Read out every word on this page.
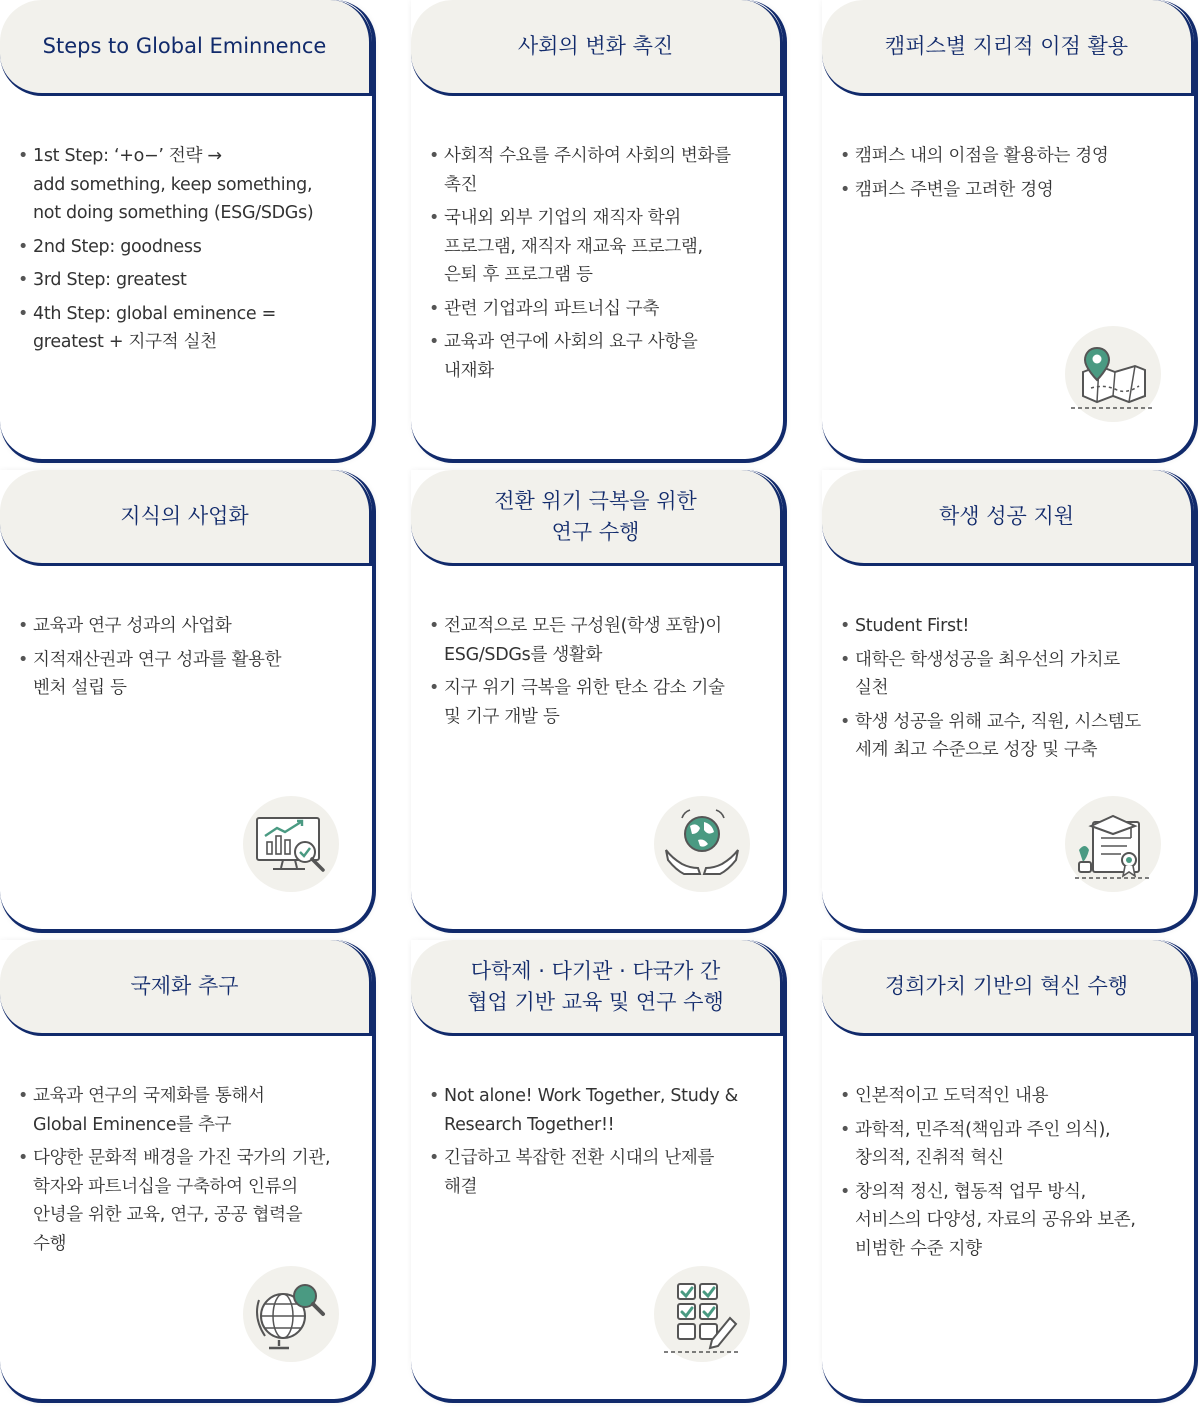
Steps to Global Eminnence
• 1st Step: ‘+o−’ 전략 →
add something, keep something,
not doing something (ESG/SDGs)
• 2nd Step: goodness
• 3rd Step: greatest
• 4th Step: global eminence =
greatest + 지구적 실천
사회의 변화 촉진
• 사회적 수요를 주시하여 사회의 변화를
촉진
• 국내외 외부 기업의 재직자 학위
프로그램, 재직자 재교육 프로그램,
은퇴 후 프로그램 등
• 관련 기업과의 파트너십 구축
• 교육과 연구에 사회의 요구 사항을
내재화
캠퍼스별 지리적 이점 활용
• 캠퍼스 내의 이점을 활용하는 경영
• 캠퍼스 주변을 고려한 경영
지식의 사업화
• 교육과 연구 성과의 사업화
• 지적재산권과 연구 성과를 활용한
벤처 설립 등
전환 위기 극복을 위한
연구 수행
• 전교적으로 모든 구성원(학생 포함)이
ESG/SDGs를 생활화
• 지구 위기 극복을 위한 탄소 감소 기술
및 기구 개발 등
학생 성공 지원
• Student First!
• 대학은 학생성공을 최우선의 가치로
실천
• 학생 성공을 위해 교수, 직원, 시스템도
세계 최고 수준으로 성장 및 구축
국제화 추구
• 교육과 연구의 국제화를 통해서
Global Eminence를 추구
• 다양한 문화적 배경을 가진 국가의 기관,
학자와 파트너십을 구축하여 인류의
안녕을 위한 교육, 연구, 공공 협력을
수행
다학제 · 다기관 · 다국가 간
협업 기반 교육 및 연구 수행
• Not alone! Work Together, Study &
Research Together!!
• 긴급하고 복잡한 전환 시대의 난제를
해결
경희가치 기반의 혁신 수행
• 인본적이고 도덕적인 내용
• 과학적, 민주적(책임과 주인 의식),
창의적, 진취적 혁신
• 창의적 정신, 협동적 업무 방식,
서비스의 다양성, 자료의 공유와 보존,
비범한 수준 지향
